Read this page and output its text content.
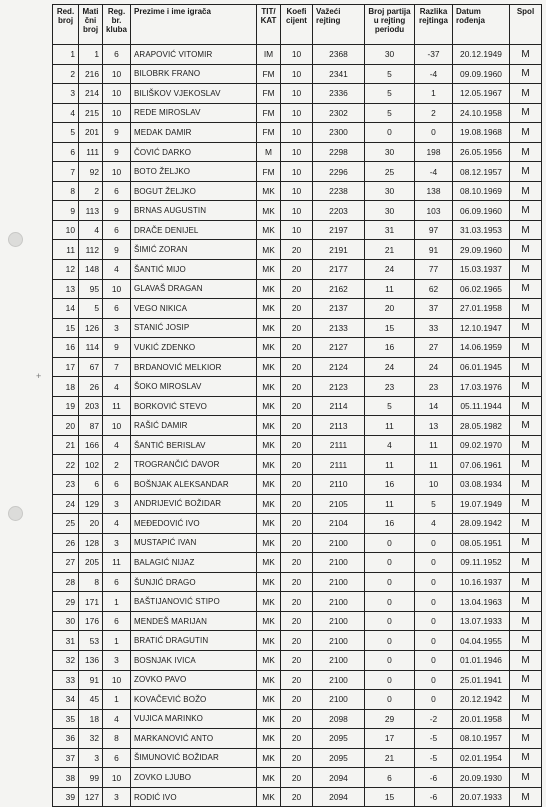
+
Red. broj	Mati čni broj	Reg. br. kluba	Prezime i ime igrača	TIT/ KAT	Koefi cijent	Važeći rejting	Broj partija u rejting periodu	Razlika rejtinga	Datum rođenja	Spol
1	1	6	ARAPOVIĆ VITOMIR	IM	10	2368	30	-37	20.12.1949	M
2	216	10	BILOBRK FRANO	FM	10	2341	5	-4	09.09.1960	M
3	214	10	BILIŠKOV VJEKOSLAV	FM	10	2336	5	1	12.05.1967	M
4	215	10	REDE MIROSLAV	FM	10	2302	5	2	24.10.1958	M
5	201	9	MEDAK DAMIR	FM	10	2300	0	0	19.08.1968	M
6	111	9	ČOVIĆ DARKO	M	10	2298	30	198	26.05.1956	M
7	92	10	BOTO ŽELJKO	FM	10	2296	25	-4	08.12.1957	M
8	2	6	BOGUT ŽELJKO	MK	10	2238	30	138	08.10.1969	M
9	113	9	BRNAS AUGUSTIN	MK	10	2203	30	103	06.09.1960	M
10	4	6	DRAČE DENIJEL	MK	10	2197	31	97	31.03.1953	M
11	112	9	ŠIMIĆ ZORAN	MK	20	2191	21	91	29.09.1960	M
12	148	4	ŠANTIĆ MIJO	MK	20	2177	24	77	15.03.1937	M
13	95	10	GLAVAŠ DRAGAN	MK	20	2162	11	62	06.02.1965	M
14	5	6	VEGO NIKICA	MK	20	2137	20	37	27.01.1958	M
15	126	3	STANIĆ JOSIP	MK	20	2133	15	33	12.10.1947	M
16	114	9	VUKIĆ ZDENKO	MK	20	2127	16	27	14.06.1959	M
17	67	7	BRDANOVIĆ MELKIOR	MK	20	2124	24	24	06.01.1945	M
18	26	4	ŠOKO MIROSLAV	MK	20	2123	23	23	17.03.1976	M
19	203	11	BORKOVIĆ STEVO	MK	20	2114	5	14	05.11.1944	M
20	87	10	RAŠIĆ DAMIR	MK	20	2113	11	13	28.05.1982	M
21	166	4	ŠANTIĆ BERISLAV	MK	20	2111	4	11	09.02.1970	M
22	102	2	TROGRANČIĆ DAVOR	MK	20	2111	11	11	07.06.1961	M
23	6	6	BOŠNJAK ALEKSANDAR	MK	20	2110	16	10	03.08.1934	M
24	129	3	ANDRIJEVIĆ BOŽIDAR	MK	20	2105	11	5	19.07.1949	M
25	20	4	MEĐEDOVIĆ IVO	MK	20	2104	16	4	28.09.1942	M
26	128	3	MUSTAPIĆ IVAN	MK	20	2100	0	0	08.05.1951	M
27	205	11	BALAGIĆ NIJAZ	MK	20	2100	0	0	09.11.1952	M
28	8	6	ŠUNJIĆ DRAGO	MK	20	2100	0	0	10.16.1937	M
29	171	1	BAŠTIJANOVIĆ STIPO	MK	20	2100	0	0	13.04.1963	M
30	176	6	MENDEŠ MARIJAN	MK	20	2100	0	0	13.07.1933	M
31	53	1	BRATIĆ DRAGUTIN	MK	20	2100	0	0	04.04.1955	M
32	136	3	BOSNJAK IVICA	MK	20	2100	0	0	01.01.1946	M
33	91	10	ZOVKO PAVO	MK	20	2100	0	0	25.01.1941	M
34	45	1	KOVAČEVIĆ BOŽO	MK	20	2100	0	0	20.12.1942	M
35	18	4	VUJICA MARINKO	MK	20	2098	29	-2	20.01.1958	M
36	32	8	MARKANOVIĆ ANTO	MK	20	2095	17	-5	08.10.1957	M
37	3	6	ŠIMUNOVIĆ BOŽIDAR	MK	20	2095	21	-5	02.01.1954	M
38	99	10	ZOVKO LJUBO	MK	20	2094	6	-6	20.09.1930	M
39	127	3	RODIĆ IVO	MK	20	2094	15	-6	20.07.1933	M
